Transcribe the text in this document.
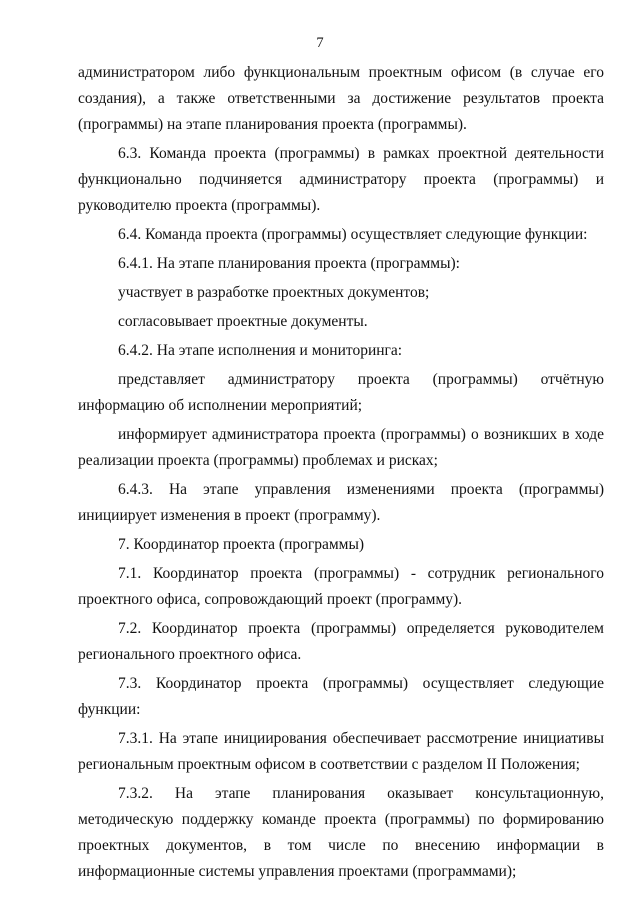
7

администратором либо функциональным проектным офисом (в случае его создания), а также ответственными за достижение результатов проекта (программы) на этапе планирования проекта (программы).

6.3. Команда проекта (программы) в рамках проектной деятельности функционально подчиняется администратору проекта (программы) и руководителю проекта (программы).

6.4. Команда проекта (программы) осуществляет следующие функции:

6.4.1. На этапе планирования проекта (программы):

участвует в разработке проектных документов;

согласовывает проектные документы.

6.4.2. На этапе исполнения и мониторинга:

представляет администратору проекта (программы) отчётную информацию об исполнении мероприятий;

информирует администратора проекта (программы) о возникших в ходе реализации проекта (программы) проблемах и рисках;

6.4.3. На этапе управления изменениями проекта (программы) инициирует изменения в проект (программу).

7. Координатор проекта (программы)

7.1. Координатор проекта (программы) - сотрудник регионального проектного офиса, сопровождающий проект (программу).

7.2. Координатор проекта (программы) определяется руководителем регионального проектного офиса.

7.3. Координатор проекта (программы) осуществляет следующие функции:

7.3.1. На этапе инициирования обеспечивает рассмотрение инициативы региональным проектным офисом в соответствии с разделом II Положения;

7.3.2. На этапе планирования оказывает консультационную, методическую поддержку команде проекта (программы) по формированию проектных документов, в том числе по внесению информации в информационные системы управления проектами (программами);
